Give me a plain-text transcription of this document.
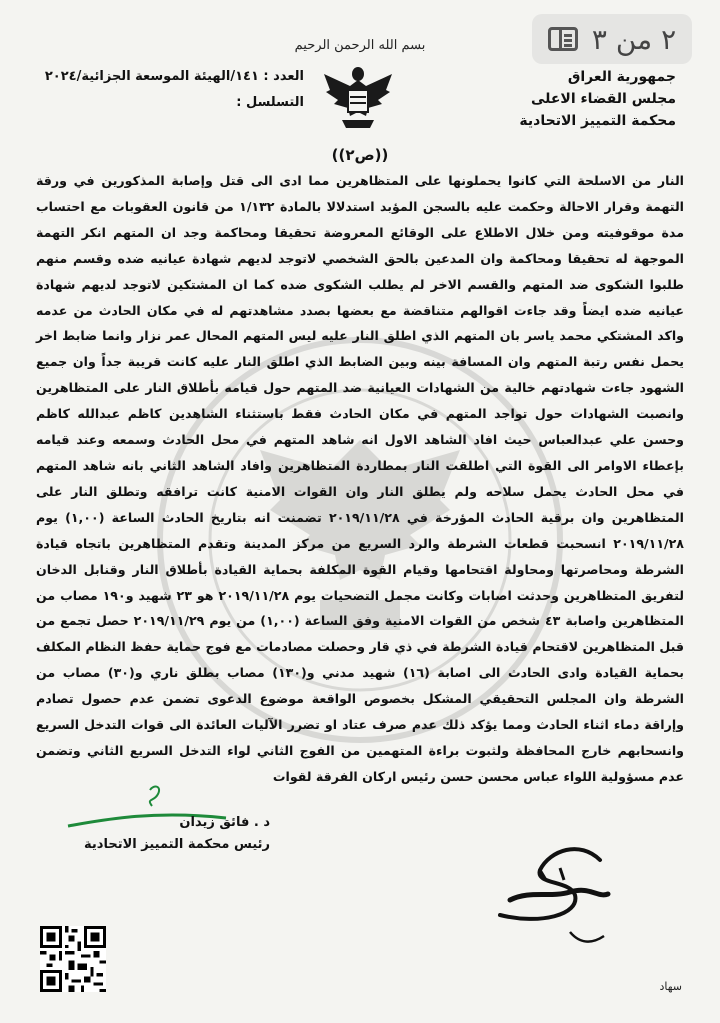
٢ من ٣
بسم الله الرحمن الرحيم
جمهورية العراق
مجلس القضاء الاعلى
محكمة التمييز الاتحادية
العدد : ١٤١/الهيئة الموسعة الجزائية/٢٠٢٤
التسلسل :
((ص٢))

النار من الاسلحة التي كانوا يحملونها على المتظاهرين مما ادى الى قتل وإصابة المذكورين في ورقة التهمة وقرار الاحالة وحكمت عليه بالسجن المؤبد استدلالا بالمادة ١/١٣٢ من قانون العقوبات مع احتساب مدة موقوفيته ومن خلال الاطلاع على الوقائع المعروضة تحقيقا ومحاكمة وجد ان المتهم انكر التهمة الموجهة له تحقيقا ومحاكمة وان المدعين بالحق الشخصي لاتوجد لديهم شهادة عيانيه ضده وقسم منهم طلبوا الشكوى ضد المتهم والقسم الاخر لم يطلب الشكوى ضده كما ان المشتكين لاتوجد لديهم شهادة عيانيه ضده ايضاً وقد جاءت اقوالهم متناقضة مع بعضها بصدد مشاهدتهم له في مكان الحادث من عدمه واكد المشتكي محمد ياسر بان المتهم الذي اطلق النار عليه ليس المتهم المحال عمر نزار وانما ضابط اخر يحمل نفس رتبة المتهم وان المسافة بينه وبين الضابط الذي اطلق النار عليه كانت قريبة جداً وان جميع الشهود جاءت شهادتهم خالية من الشهادات العيانية ضد المتهم حول قيامه بأطلاق النار على المتظاهرين وانصبت الشهادات حول تواجد المتهم في مكان الحادث فقط باستثناء الشاهدين كاظم عبدالله كاظم وحسن علي عبدالعباس حيث افاد الشاهد الاول انه شاهد المتهم في محل الحادث وسمعه وعند قيامه بإعطاء الاوامر الى القوة التي اطلقت النار بمطاردة المتظاهرين وافاد الشاهد الثاني بانه شاهد المتهم في محل الحادث يحمل سلاحه ولم يطلق النار وان القوات الامنية كانت ترافقه وتطلق النار على المتظاهرين وان برقية الحادث المؤرخة في ٢٠١٩/١١/٢٨ تضمنت انه بتاريخ الحادث الساعة (١,٠٠) يوم ٢٠١٩/١١/٢٨ انسحبت قطعات الشرطة والرد السريع من مركز المدينة وتقدم المتظاهرين باتجاه قيادة الشرطة ومحاصرتها ومحاولة اقتحامها وقيام القوة المكلفة بحماية القيادة بأطلاق النار وقنابل الدخان لتفريق المتظاهرين وحدثت اصابات وكانت مجمل التضحيات يوم ٢٠١٩/١١/٢٨ هو ٢٣ شهيد و١٩٠ مصاب من المتظاهرين واصابة ٤٣ شخص من القوات الامنية وفق الساعة (١,٠٠) من يوم ٢٠١٩/١١/٢٩ حصل تجمع من قبل المتظاهرين لاقتحام قيادة الشرطة في ذي قار وحصلت مصادمات مع فوج حماية حفظ النظام المكلف بحماية القيادة وادى الحادث الى اصابة (١٦) شهيد مدني و(١٣٠) مصاب بطلق ناري و(٣٠) مصاب من الشرطة وان المجلس التحقيقي المشكل بخصوص الواقعة موضوع الدعوى تضمن عدم حصول تصادم وإراقة دماء اثناء الحادث ومما يؤكد ذلك عدم صرف عتاد او تضرر الآليات العائدة الى قوات التدخل السريع وانسحابهم خارج المحافظة ولثبوت براءة المتهمين من الفوج الثاني لواء التدخل السريع الثاني وتضمن عدم مسؤولية اللواء عباس محسن حسن رئيس اركان الفرقة لقوات

د . فائق زيدان
رئيس محكمة التمييز الاتحادية
سهاد
